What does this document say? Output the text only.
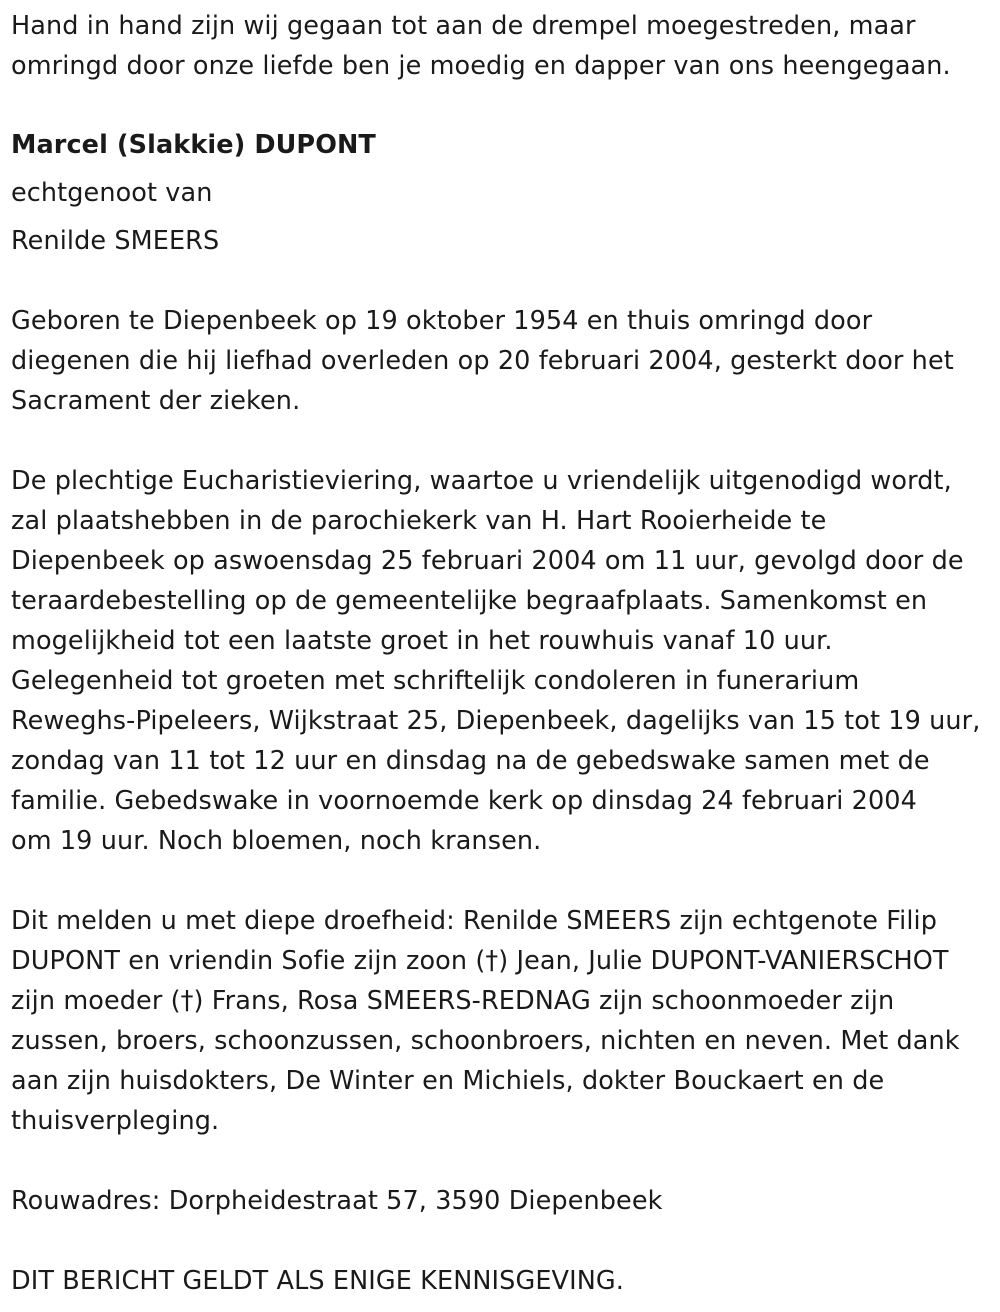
Hand in hand zijn wij gegaan tot aan de drempel moegestreden, maar
omringd door onze liefde ben je moedig en dapper van ons heengegaan.
Marcel (Slakkie) DUPONT
echtgenoot van
Renilde SMEERS
Geboren te Diepenbeek op 19 oktober 1954 en thuis omringd door
diegenen die hij liefhad overleden op 20 februari 2004, gesterkt door het
Sacrament der zieken.
De plechtige Eucharistieviering, waartoe u vriendelijk uitgenodigd wordt,
zal plaatshebben in de parochiekerk van H. Hart Rooierheide te
Diepenbeek op aswoensdag 25 februari 2004 om 11 uur, gevolgd door de
teraardebestelling op de gemeentelijke begraafplaats. Samenkomst en
mogelijkheid tot een laatste groet in het rouwhuis vanaf 10 uur.
Gelegenheid tot groeten met schriftelijk condoleren in funerarium
Reweghs-Pipeleers, Wijkstraat 25, Diepenbeek, dagelijks van 15 tot 19 uur,
zondag van 11 tot 12 uur en dinsdag na de gebedswake samen met de
familie. Gebedswake in voornoemde kerk op dinsdag 24 februari 2004
om 19 uur. Noch bloemen, noch kransen.
Dit melden u met diepe droefheid: Renilde SMEERS zijn echtgenote Filip
DUPONT en vriendin Sofie zijn zoon (†) Jean, Julie DUPONT-VANIERSCHOT
zijn moeder (†) Frans, Rosa SMEERS-REDNAG zijn schoonmoeder zijn
zussen, broers, schoonzussen, schoonbroers, nichten en neven. Met dank
aan zijn huisdokters, De Winter en Michiels, dokter Bouckaert en de
thuisverpleging.
Rouwadres: Dorpheidestraat 57, 3590 Diepenbeek
DIT BERICHT GELDT ALS ENIGE KENNISGEVING.
